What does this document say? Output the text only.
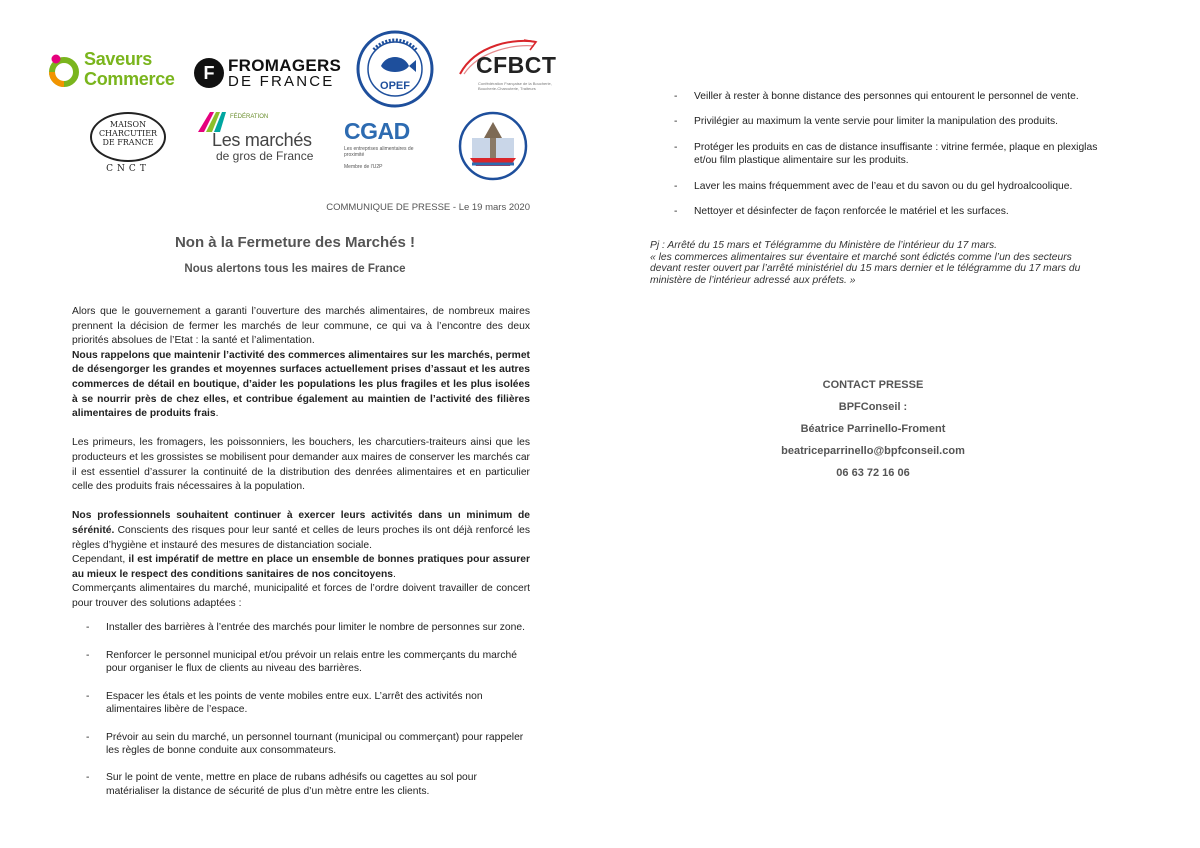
Saveurs
Commerce	F FROMAGERS
DE FRANCE	OPEF
CFBCT
Confédération Française de la Boucherie, Boucherie-Charcuterie, Traiteurs
MAISON CHARCUTIER DE FRANCE
CNCT
FÉDÉRATION
Les marchés
de gros de France
CGAD
Les entreprises alimentaires de proximité
Membre de l'U2P
COMMUNIQUE DE PRESSE - Le 19 mars 2020
Non à la Fermeture des Marchés !
Nous alertons tous les maires de France

Alors que le gouvernement a garanti l’ouverture des marchés alimentaires, de nombreux maires prennent la décision de fermer les marchés de leur commune, ce qui va à l’encontre des deux priorités absolues de l’Etat : la santé et l’alimentation.
Nous rappelons que maintenir l’activité des commerces alimentaires sur les marchés, permet de désengorger les grandes et moyennes surfaces actuellement prises d’assaut et les autres commerces de détail en boutique, d’aider les populations les plus fragiles et les plus isolées à se nourrir près de chez elles, et contribue également au maintien de l’activité des filières alimentaires de produits frais.

Les primeurs, les fromagers, les poissonniers, les bouchers, les charcutiers-traiteurs ainsi que les producteurs et les grossistes se mobilisent pour demander aux maires de conserver les marchés car il est essentiel d’assurer la continuité de la distribution des denrées alimentaires et en particulier celle des produits frais nécessaires à la population.

Nos professionnels souhaitent continuer à exercer leurs activités dans un minimum de sérénité. Conscients des risques pour leur santé et celles de leurs proches ils ont déjà renforcé les règles d’hygiène et instauré des mesures de distanciation sociale.
Cependant, il est impératif de mettre en place un ensemble de bonnes pratiques pour assurer au mieux le respect des conditions sanitaires de nos concitoyens.
Commerçants alimentaires du marché, municipalité et forces de l’ordre doivent travailler de concert pour trouver des solutions adaptées :

- Installer des barrières à l’entrée des marchés pour limiter le nombre de personnes sur zone.
- Renforcer le personnel municipal et/ou prévoir un relais entre les commerçants du marché pour organiser le flux de clients au niveau des barrières.
- Espacer les étals et les points de vente mobiles entre eux. L’arrêt des activités non alimentaires libère de l’espace.
- Prévoir au sein du marché, un personnel tournant (municipal ou commerçant) pour rappeler les règles de bonne conduite aux consommateurs.
- Sur le point de vente, mettre en place de rubans adhésifs ou cagettes au sol pour matérialiser la distance de sécurité de plus d’un mètre entre les clients.
- Veiller à rester à bonne distance des personnes qui entourent le personnel de vente.
- Privilégier au maximum la vente servie pour limiter la manipulation des produits.
- Protéger les produits en cas de distance insuffisante : vitrine fermée, plaque en plexiglas et/ou film plastique alimentaire sur les produits.
- Laver les mains fréquemment avec de l’eau et du savon ou du gel hydroalcoolique.
- Nettoyer et désinfecter de façon renforcée le matériel et les surfaces.
Pj : Arrêté du 15 mars et Télégramme du Ministère de l’intérieur du 17 mars.
« les commerces alimentaires sur éventaire et marché sont édictés comme l’un des secteurs devant rester ouvert par l’arrêté ministériel du 15 mars dernier et le télégramme du 17 mars du ministère de l’intérieur adressé aux préfets. »
CONTACT PRESSE
BPFConseil :
Béatrice Parrinello-Froment
beatriceparrinello@bpfconseil.com
06 63 72 16 06
